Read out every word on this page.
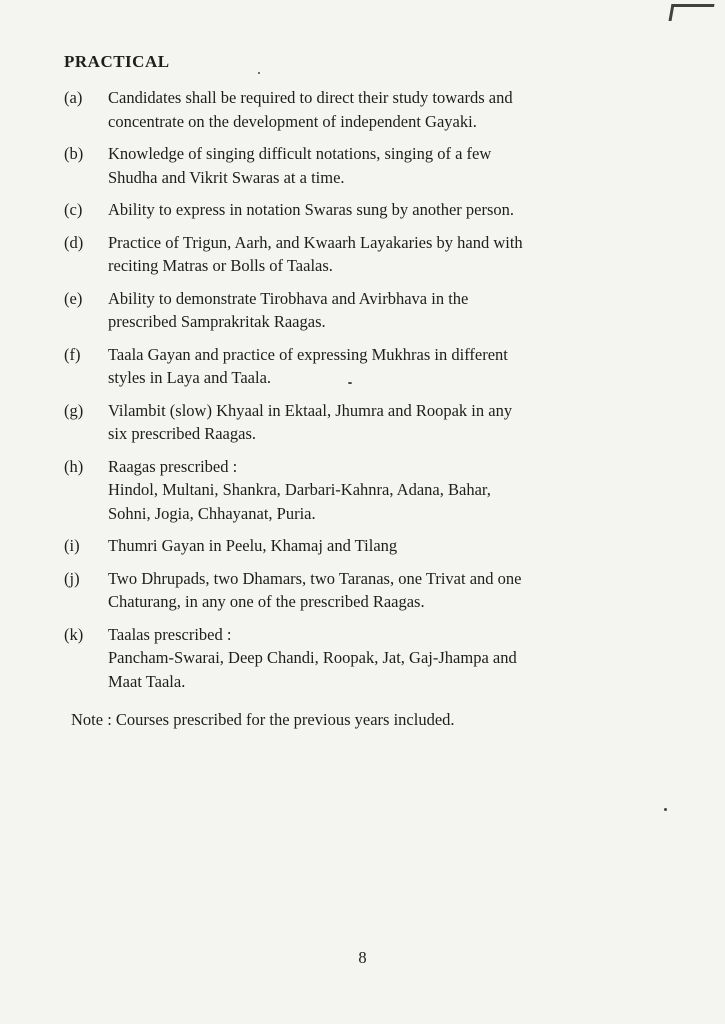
PRACTICAL
(a)	Candidates shall be required to direct their study towards and
concentrate on the development of independent Gayaki.
(b)	Knowledge of singing difficult notations, singing of a few
Shudha and Vikrit Swaras at a time.
(c)	Ability to express in notation Swaras sung by another person.
(d)	Practice of Trigun, Aarh, and Kwaarh Layakaries by hand with
reciting Matras or Bolls of Taalas.
(e)	Ability to demonstrate Tirobhava and Avirbhava in the
prescribed Samprakritak Raagas.
(f)	Taala Gayan and practice of expressing Mukhras in different
styles in Laya and Taala.
(g)	Vilambit (slow) Khyaal in Ektaal, Jhumra and Roopak in any
six prescribed Raagas.
(h)	Raagas prescribed :
Hindol, Multani, Shankra, Darbari-Kahnra, Adana, Bahar,
Sohni, Jogia, Chhayanat, Puria.
(i)	Thumri Gayan in Peelu, Khamaj and Tilang
(j)	Two Dhrupads, two Dhamars, two Taranas, one Trivat and one
Chaturang, in any one of the prescribed Raagas.
(k)	Taalas prescribed :
Pancham-Swarai, Deep Chandi, Roopak, Jat, Gaj-Jhampa and
Maat Taala.

Note : Courses prescribed for the previous years included.

8
